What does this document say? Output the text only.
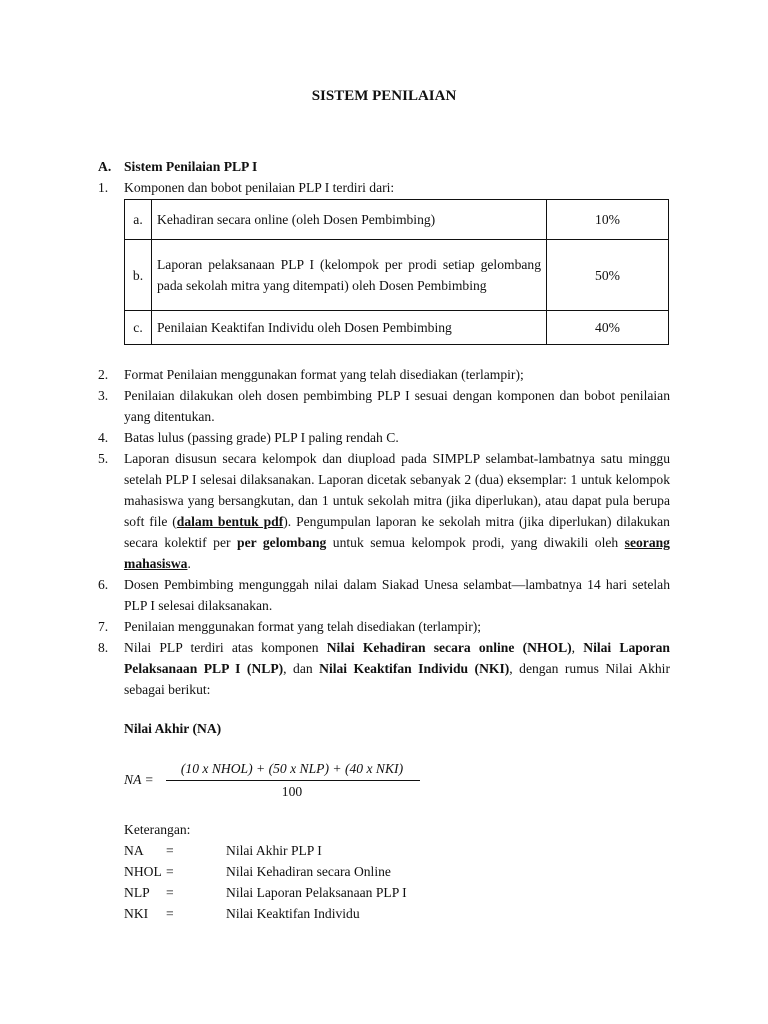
SISTEM PENILAIAN
A. Sistem Penilaian PLP I
1. Komponen dan bobot penilaian PLP I terdiri dari:
a.	Kehadiran secara online (oleh Dosen Pembimbing)	10%
b.	Laporan pelaksanaan PLP I (kelompok per prodi setiap gelombang pada sekolah mitra yang ditempati) oleh Dosen Pembimbing	50%
c.	Penilaian Keaktifan Individu oleh Dosen Pembimbing	40%
2.	Format Penilaian menggunakan format yang telah disediakan (terlampir);
3.	Penilaian dilakukan oleh dosen pembimbing PLP I sesuai dengan komponen dan bobot penilaian yang ditentukan.
4.	Batas lulus (passing grade) PLP I paling rendah C.
5.	Laporan disusun secara kelompok dan diupload pada SIMPLP selambat-lambatnya satu minggu setelah PLP I selesai dilaksanakan. Laporan dicetak sebanyak 2 (dua) eksemplar: 1 untuk kelompok mahasiswa yang bersangkutan, dan 1 untuk sekolah mitra (jika diperlukan), atau dapat pula berupa soft file (dalam bentuk pdf). Pengumpulan laporan ke sekolah mitra (jika diperlukan) dilakukan secara kolektif per per gelombang untuk semua kelompok prodi, yang diwakili oleh seorang mahasiswa.
6.	Dosen Pembimbing mengunggah nilai dalam Siakad Unesa selambat—lambatnya 14 hari setelah PLP I selesai dilaksanakan.
7.	Penilaian menggunakan format yang telah disediakan (terlampir);
8.	Nilai PLP terdiri atas komponen Nilai Kehadiran secara online (NHOL), Nilai Laporan Pelaksanaan PLP I (NLP), dan Nilai Keaktifan Individu (NKI), dengan rumus Nilai Akhir sebagai berikut:
Nilai Akhir (NA)
NA =
(10 x NHOL) + (50 x NLP) + (40 x NKI)
100
Keterangan:
NA =	Nilai Akhir PLP I
NHOL =	Nilai Kehadiran secara Online
NLP =	Nilai Laporan Pelaksanaan PLP I
NKI =	Nilai Keaktifan Individu
